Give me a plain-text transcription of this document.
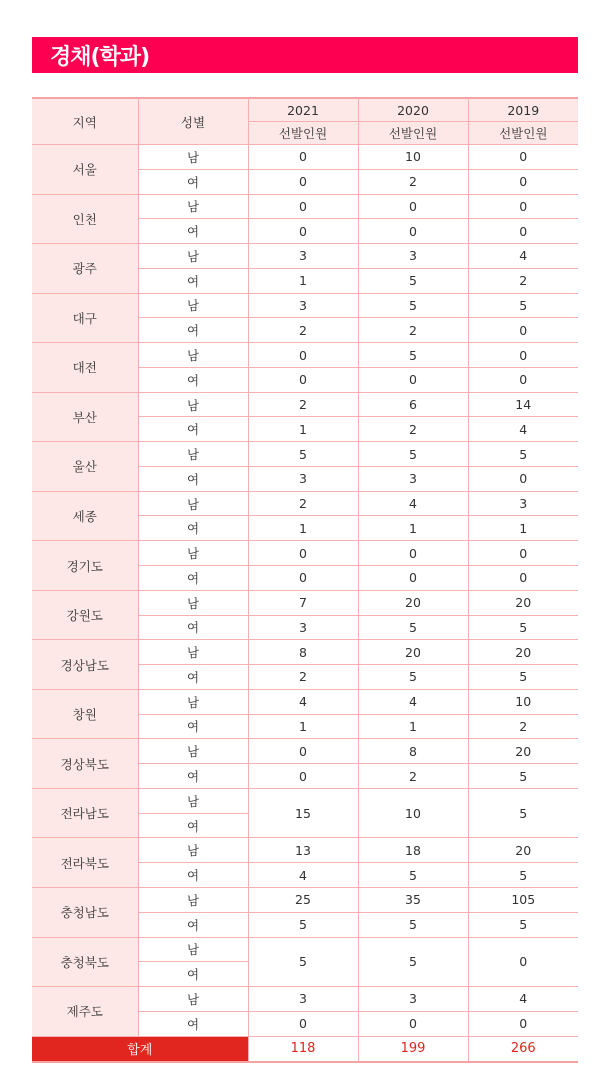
경채(학과)
지역	성별	2021	2020	2019
		선발인원	선발인원	선발인원
서울	남	0	10	0
	여	0	2	0
인천	남	0	0	0
	여	0	0	0
광주	남	3	3	4
	여	1	5	2
대구	남	3	5	5
	여	2	2	0
대전	남	0	5	0
	여	0	0	0
부산	남	2	6	14
	여	1	2	4
울산	남	5	5	5
	여	3	3	0
세종	남	2	4	3
	여	1	1	1
경기도	남	0	0	0
	여	0	0	0
강원도	남	7	20	20
	여	3	5	5
경상남도	남	8	20	20
	여	2	5	5
창원	남	4	4	10
	여	1	1	2
경상북도	남	0	8	20
	여	0	2	5
전라남도	남	15	10	5
	여			
전라북도	남	13	18	20
	여	4	5	5
충청남도	남	25	35	105
	여	5	5	5
충청북도	남	5	5	0
	여			
제주도	남	3	3	4
	여	0	0	0
합계		118	199	266
